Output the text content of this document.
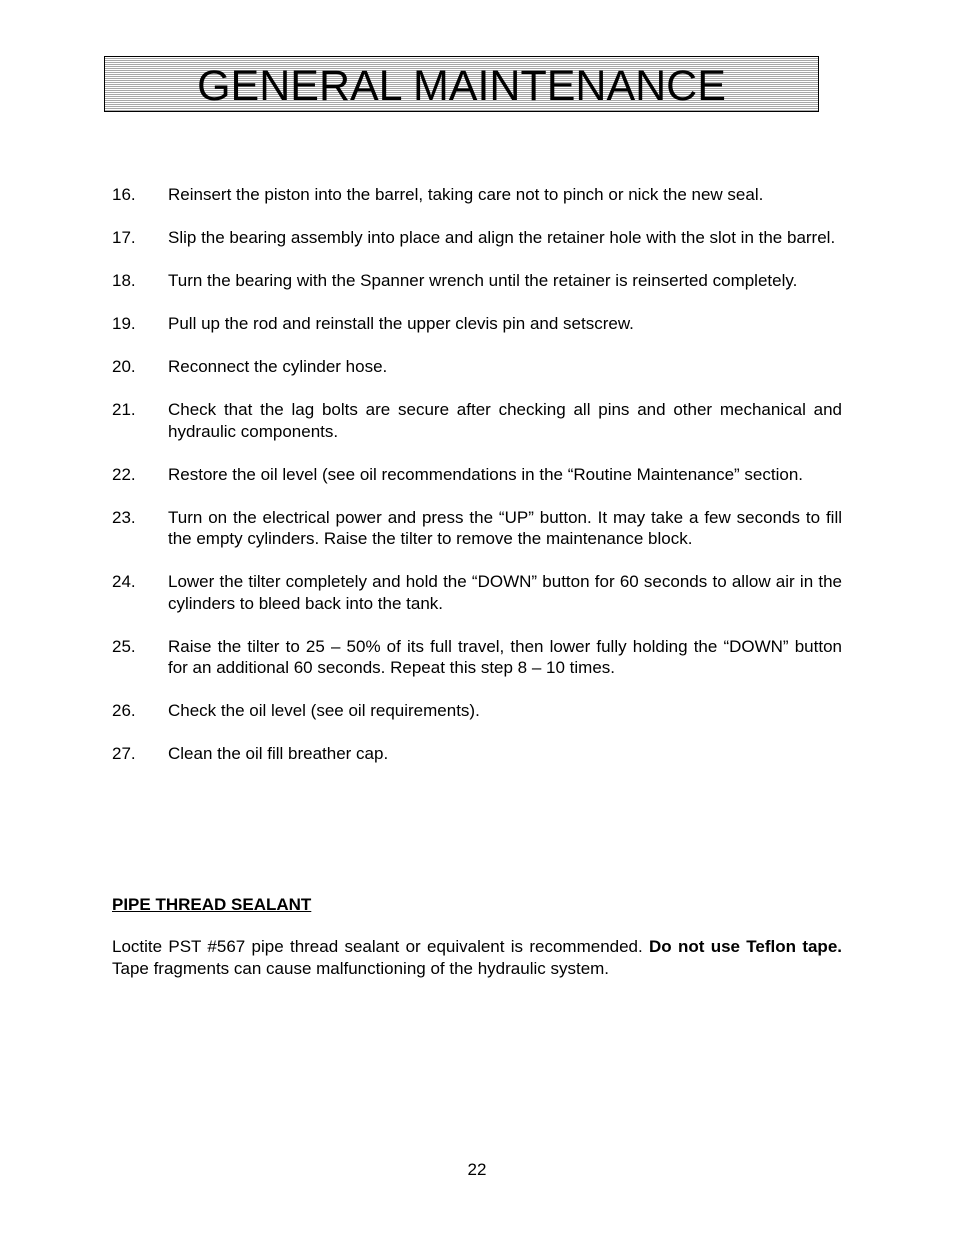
GENERAL MAINTENANCE
16.	Reinsert the piston into the barrel, taking care not to pinch or nick the new seal.
17.	Slip the bearing assembly into place and align the retainer hole with the slot in the barrel.
18.	Turn the bearing with the Spanner wrench until the retainer is reinserted completely.
19.	Pull up the rod and reinstall the upper clevis pin and setscrew.
20.	Reconnect the cylinder hose.
21.	Check that the lag bolts are secure after checking all pins and other mechanical and hydraulic components.
22.	Restore the oil level (see oil recommendations in the “Routine Maintenance” section.
23.	Turn on the electrical power and press the “UP” button. It may take a few seconds to fill the empty cylinders. Raise the tilter to remove the maintenance block.
24.	Lower the tilter completely and hold the “DOWN” button for 60 seconds to allow air in the cylinders to bleed back into the tank.
25.	Raise the tilter to 25 – 50% of its full travel, then lower fully holding the “DOWN” button for an additional 60 seconds. Repeat this step 8 – 10 times.
26.	Check the oil level (see oil requirements).
27.	Clean the oil fill breather cap.
PIPE THREAD SEALANT

Loctite PST #567 pipe thread sealant or equivalent is recommended. Do not use Teflon tape. Tape fragments can cause malfunctioning of the hydraulic system.

22
